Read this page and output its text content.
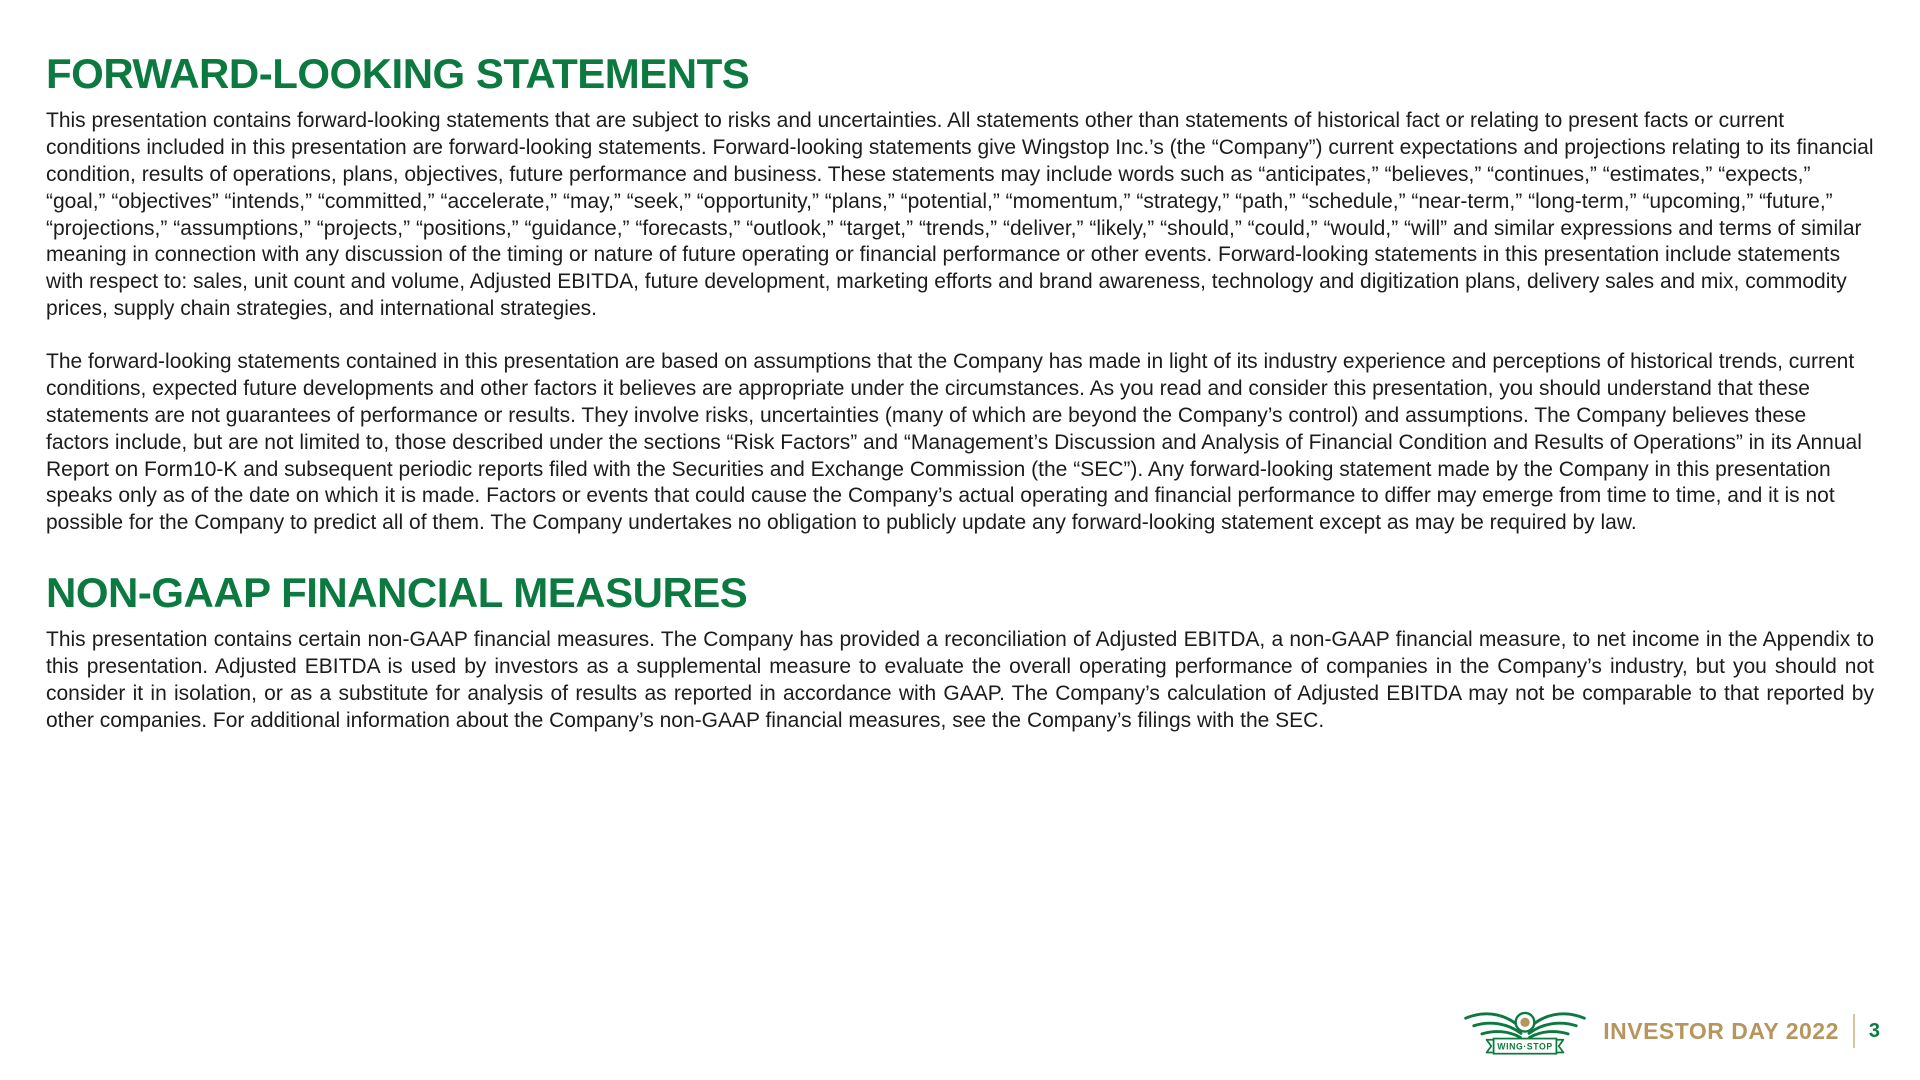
FORWARD-LOOKING STATEMENTS

This presentation contains forward-looking statements that are subject to risks and uncertainties. All statements other than statements of historical fact or relating to present facts or current conditions included in this presentation are forward-looking statements. Forward-looking statements give Wingstop Inc.’s (the “Company”) current expectations and projections relating to its financial condition, results of operations, plans, objectives, future performance and business. These statements may include words such as “anticipates,” “believes,” “continues,” “estimates,” “expects,” “goal,” “objectives” “intends,” “committed,” “accelerate,” “may,” “seek,” “opportunity,” “plans,” “potential,” “momentum,” “strategy,” “path,” “schedule,” “near-term,” “long-term,” “upcoming,” “future,” “projections,” “assumptions,” “projects,” “positions,” “guidance,” “forecasts,” “outlook,” “target,” “trends,” “deliver,” “likely,” “should,” “could,” “would,” “will” and similar expressions and terms of similar meaning in connection with any discussion of the timing or nature of future operating or financial performance or other events. Forward-looking statements in this presentation include statements with respect to: sales, unit count and volume, Adjusted EBITDA, future development, marketing efforts and brand awareness, technology and digitization plans, delivery sales and mix, commodity prices, supply chain strategies, and international strategies.

The forward-looking statements contained in this presentation are based on assumptions that the Company has made in light of its industry experience and perceptions of historical trends, current conditions, expected future developments and other factors it believes are appropriate under the circumstances. As you read and consider this presentation, you should understand that these statements are not guarantees of performance or results. They involve risks, uncertainties (many of which are beyond the Company’s control) and assumptions. The Company believes these factors include, but are not limited to, those described under the sections “Risk Factors” and “Management’s Discussion and Analysis of Financial Condition and Results of Operations” in its Annual Report on Form10-K and subsequent periodic reports filed with the Securities and Exchange Commission (the “SEC”). Any forward-looking statement made by the Company in this presentation speaks only as of the date on which it is made. Factors or events that could cause the Company’s actual operating and financial performance to differ may emerge from time to time, and it is not possible for the Company to predict all of them. The Company undertakes no obligation to publicly update any forward-looking statement except as may be required by law.

NON-GAAP FINANCIAL MEASURES

This presentation contains certain non-GAAP financial measures. The Company has provided a reconciliation of Adjusted EBITDA, a non-GAAP financial measure, to net income in the Appendix to this presentation. Adjusted EBITDA is used by investors as a supplemental measure to evaluate the overall operating performance of companies in the Company’s industry, but you should not consider it in isolation, or as a substitute for analysis of results as reported in accordance with GAAP. The Company’s calculation of Adjusted EBITDA may not be comparable to that reported by other companies. For additional information about the Company’s non-GAAP financial measures, see the Company’s filings with the SEC.

WING·STOP
INVESTOR DAY 2022 3
